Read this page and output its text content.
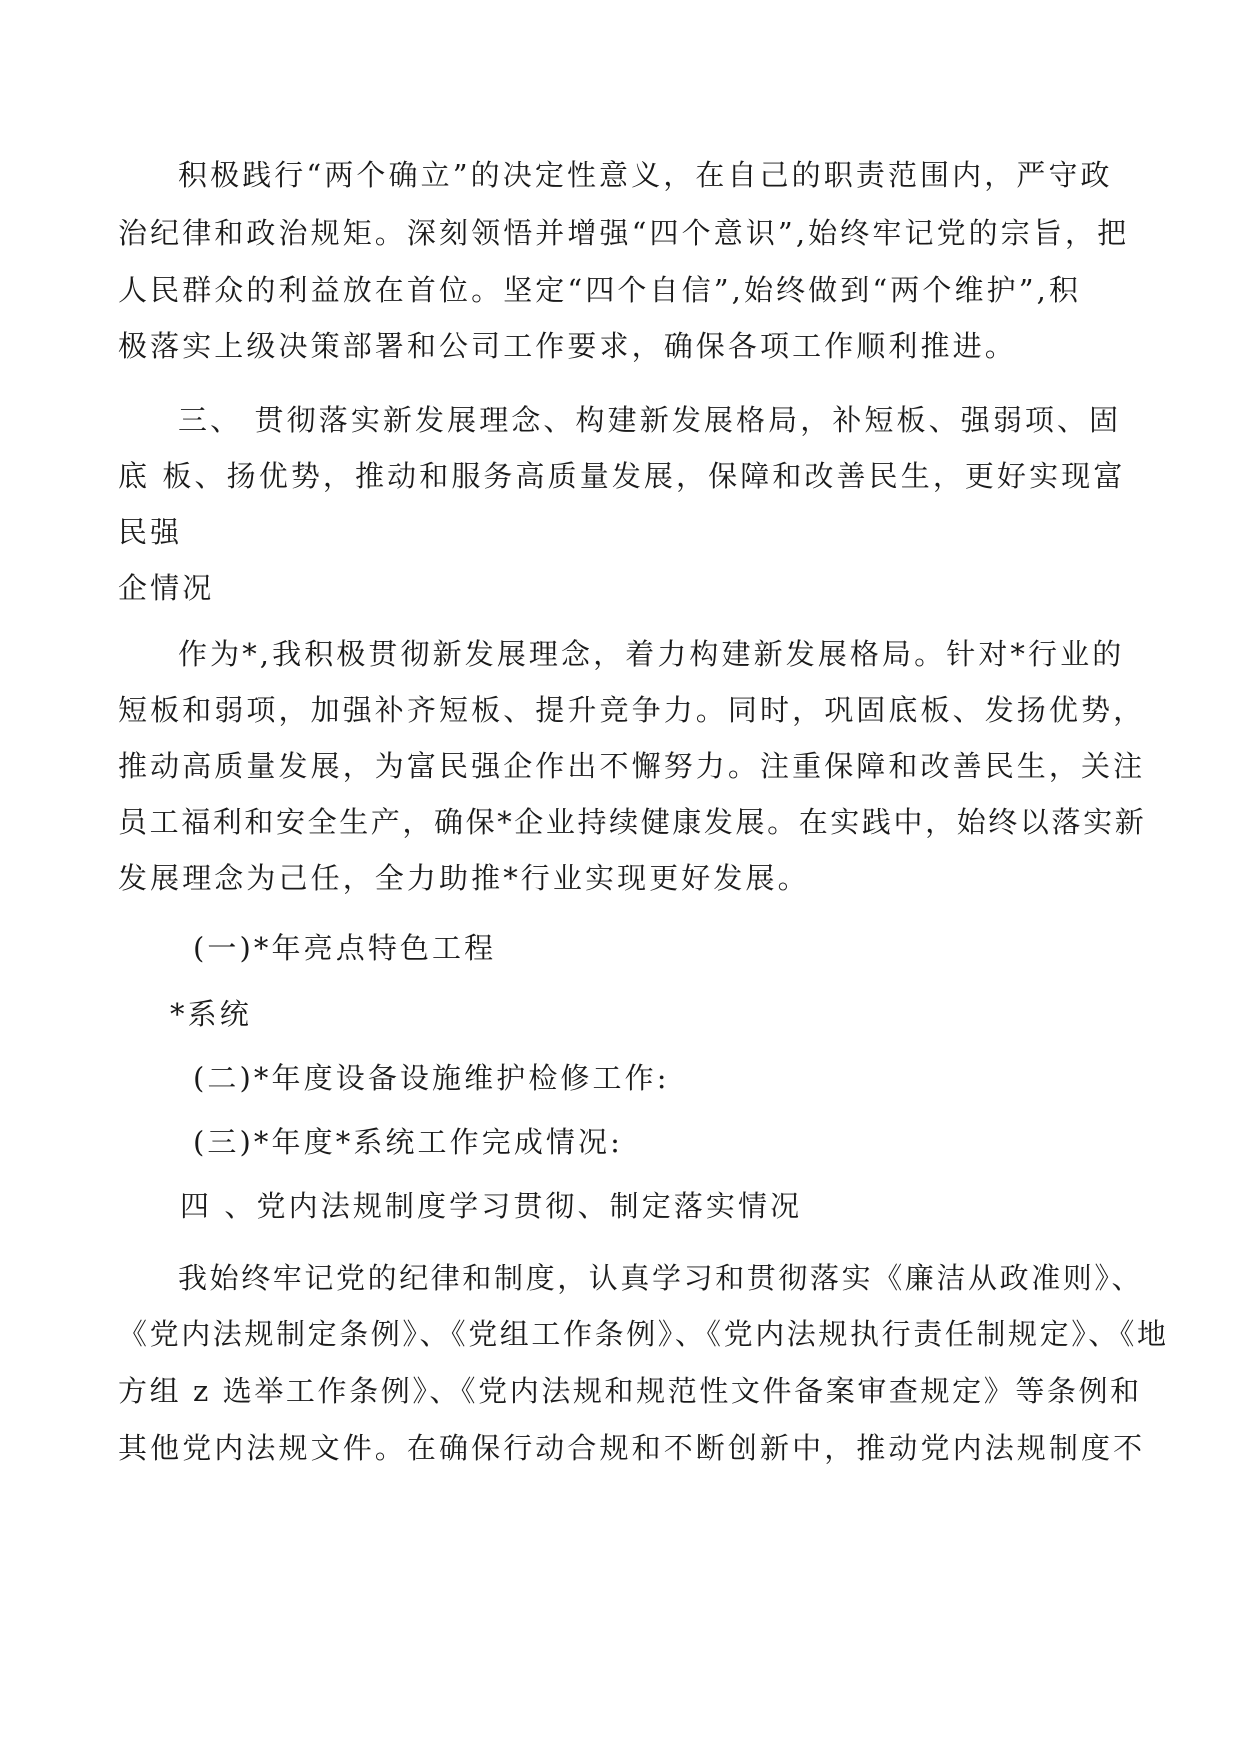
积极践行“两个确立”的决定性意义，在自己的职责范围内，严守政
治纪律和政治规矩。深刻领悟并增强“四个意识”,始终牢记党的宗旨，把
人民群众的利益放在首位。坚定“四个自信”,始终做到“两个维护”,积
极落实上级决策部署和公司工作要求，确保各项工作顺利推进。
三、 贯彻落实新发展理念、构建新发展格局，补短板、强弱项、固
底 板、扬优势，推动和服务高质量发展，保障和改善民生，更好实现富
民强
企情况
作为*,我积极贯彻新发展理念，着力构建新发展格局。针对*行业的
短板和弱项，加强补齐短板、提升竞争力。同时，巩固底板、发扬优势，
推动高质量发展，为富民强企作出不懈努力。注重保障和改善民生，关注
员工福利和安全生产，确保*企业持续健康发展。在实践中，始终以落实新
发展理念为己任，全力助推*行业实现更好发展。
(一)*年亮点特色工程
*系统
(二)*年度设备设施维护检修工作:
(三)*年度*系统工作完成情况:
四 、党内法规制度学习贯彻、制定落实情况
我始终牢记党的纪律和制度，认真学习和贯彻落实《廉洁从政准则》、
《党内法规制定条例》、《党组工作条例》、《党内法规执行责任制规定》、《地
方组 z 选举工作条例》、《党内法规和规范性文件备案审查规定》等条例和
其他党内法规文件。在确保行动合规和不断创新中，推动党内法规制度不
